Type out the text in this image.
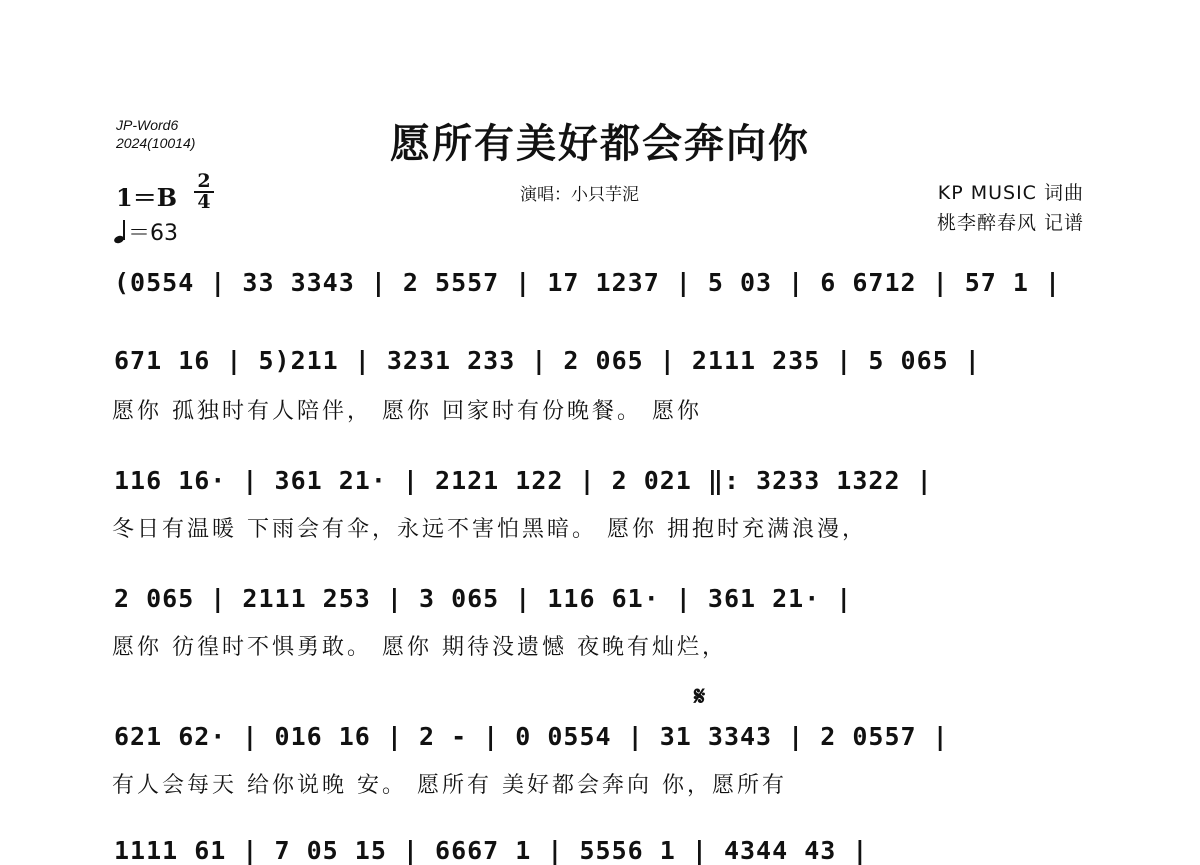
JP-Word6
2024(10014)	愿所有美好都会奔向你
1＝B
2
4
＝63
演唱：小只芋泥	KP MUSIC 词曲
桃李醉春风 记谱
(0554 | 33 3343 | 2 5557 | 17 1237 | 5 03 | 6 6712 | 57 1 |
671 16 | 5)211 | 3231 233 | 2 065 | 2111 235 | 5 065 |
愿你 孤独时有人陪伴， 愿你 回家时有份晚餐。 愿你
116 16· | 361 21· | 2121 122 | 2 021 ‖: 3233 1322 |
冬日有温暖 下雨会有伞，永远不害怕黑暗。 愿你 拥抱时充满浪漫，
2 065 | 2111 253 | 3 065 | 116 61· | 361 21· |
愿你 彷徨时不惧勇敢。 愿你 期待没遗憾 夜晚有灿烂，
𝄋
621 62· | 016 16 | 2 - | 0 0554 | 31 3343 | 2 0557 |
有人会每天 给你说晚 安。 愿所有 美好都会奔向 你，愿所有
1111 61 | 7 05 15 | 6667 1 | 5556 1 | 4344 43 |
